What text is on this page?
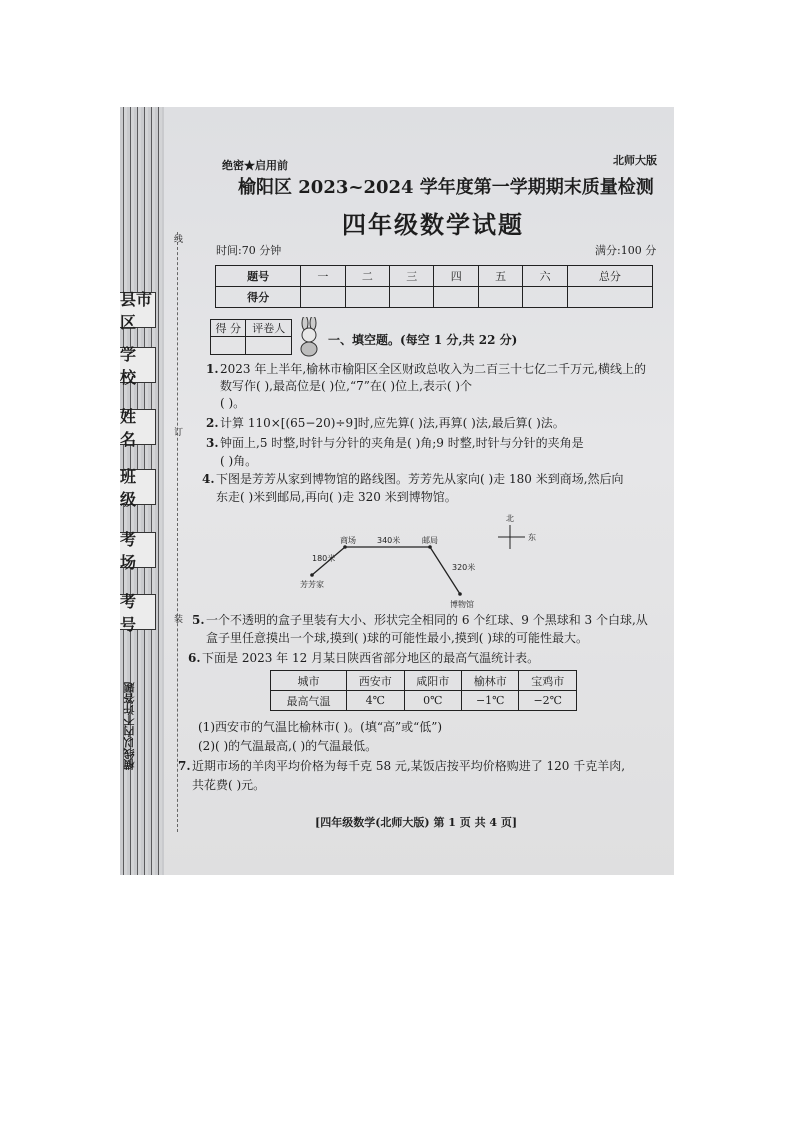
县市区
学 校
姓 名
班 级
考 场
考 号
线
订
装
横线以内不许答题
绝密★启用前	北师大版
榆阳区 2023~2024 学年度第一学期期末质量检测
四年级数学试题
时间:70 分钟	满分:100 分
题号	一	二	三	四	五	六	总分
得分							
得 分	评卷人

一、填空题。(每空 1 分,共 22 分)
1. 2023 年上半年,榆林市榆阳区全区财政总收入为二百三十七亿二千万元,横线上的
数写作( ),最高位是( )位,“7”在( )位上,表示( )个
( )。
2. 计算 110×[(65−20)÷9]时,应先算( )法,再算( )法,最后算( )法。
3. 钟面上,5 时整,时针与分针的夹角是( )角;9 时整,时针与分针的夹角是
( )角。
4. 下图是芳芳从家到博物馆的路线图。芳芳先从家向( )走 180 米到商场,然后向
东走( )米到邮局,再向( )走 320 米到博物馆。
商场	邮局
芳芳家
博物馆
180米
340米
320米
北
东
5. 一个不透明的盒子里装有大小、形状完全相同的 6 个红球、9 个黑球和 3 个白球,从
盒子里任意摸出一个球,摸到( )球的可能性最小,摸到( )球的可能性最大。
6. 下面是 2023 年 12 月某日陕西省部分地区的最高气温统计表。
城市	西安市	咸阳市	榆林市	宝鸡市
最高气温	4℃	0℃	−1℃	−2℃
(1)西安市的气温比榆林市( )。(填“高”或“低”)
(2)( )的气温最高,( )的气温最低。
7. 近期市场的羊肉平均价格为每千克 58 元,某饭店按平均价格购进了 120 千克羊肉,
共花费( )元。
[四年级数学(北师大版) 第 1 页 共 4 页]
